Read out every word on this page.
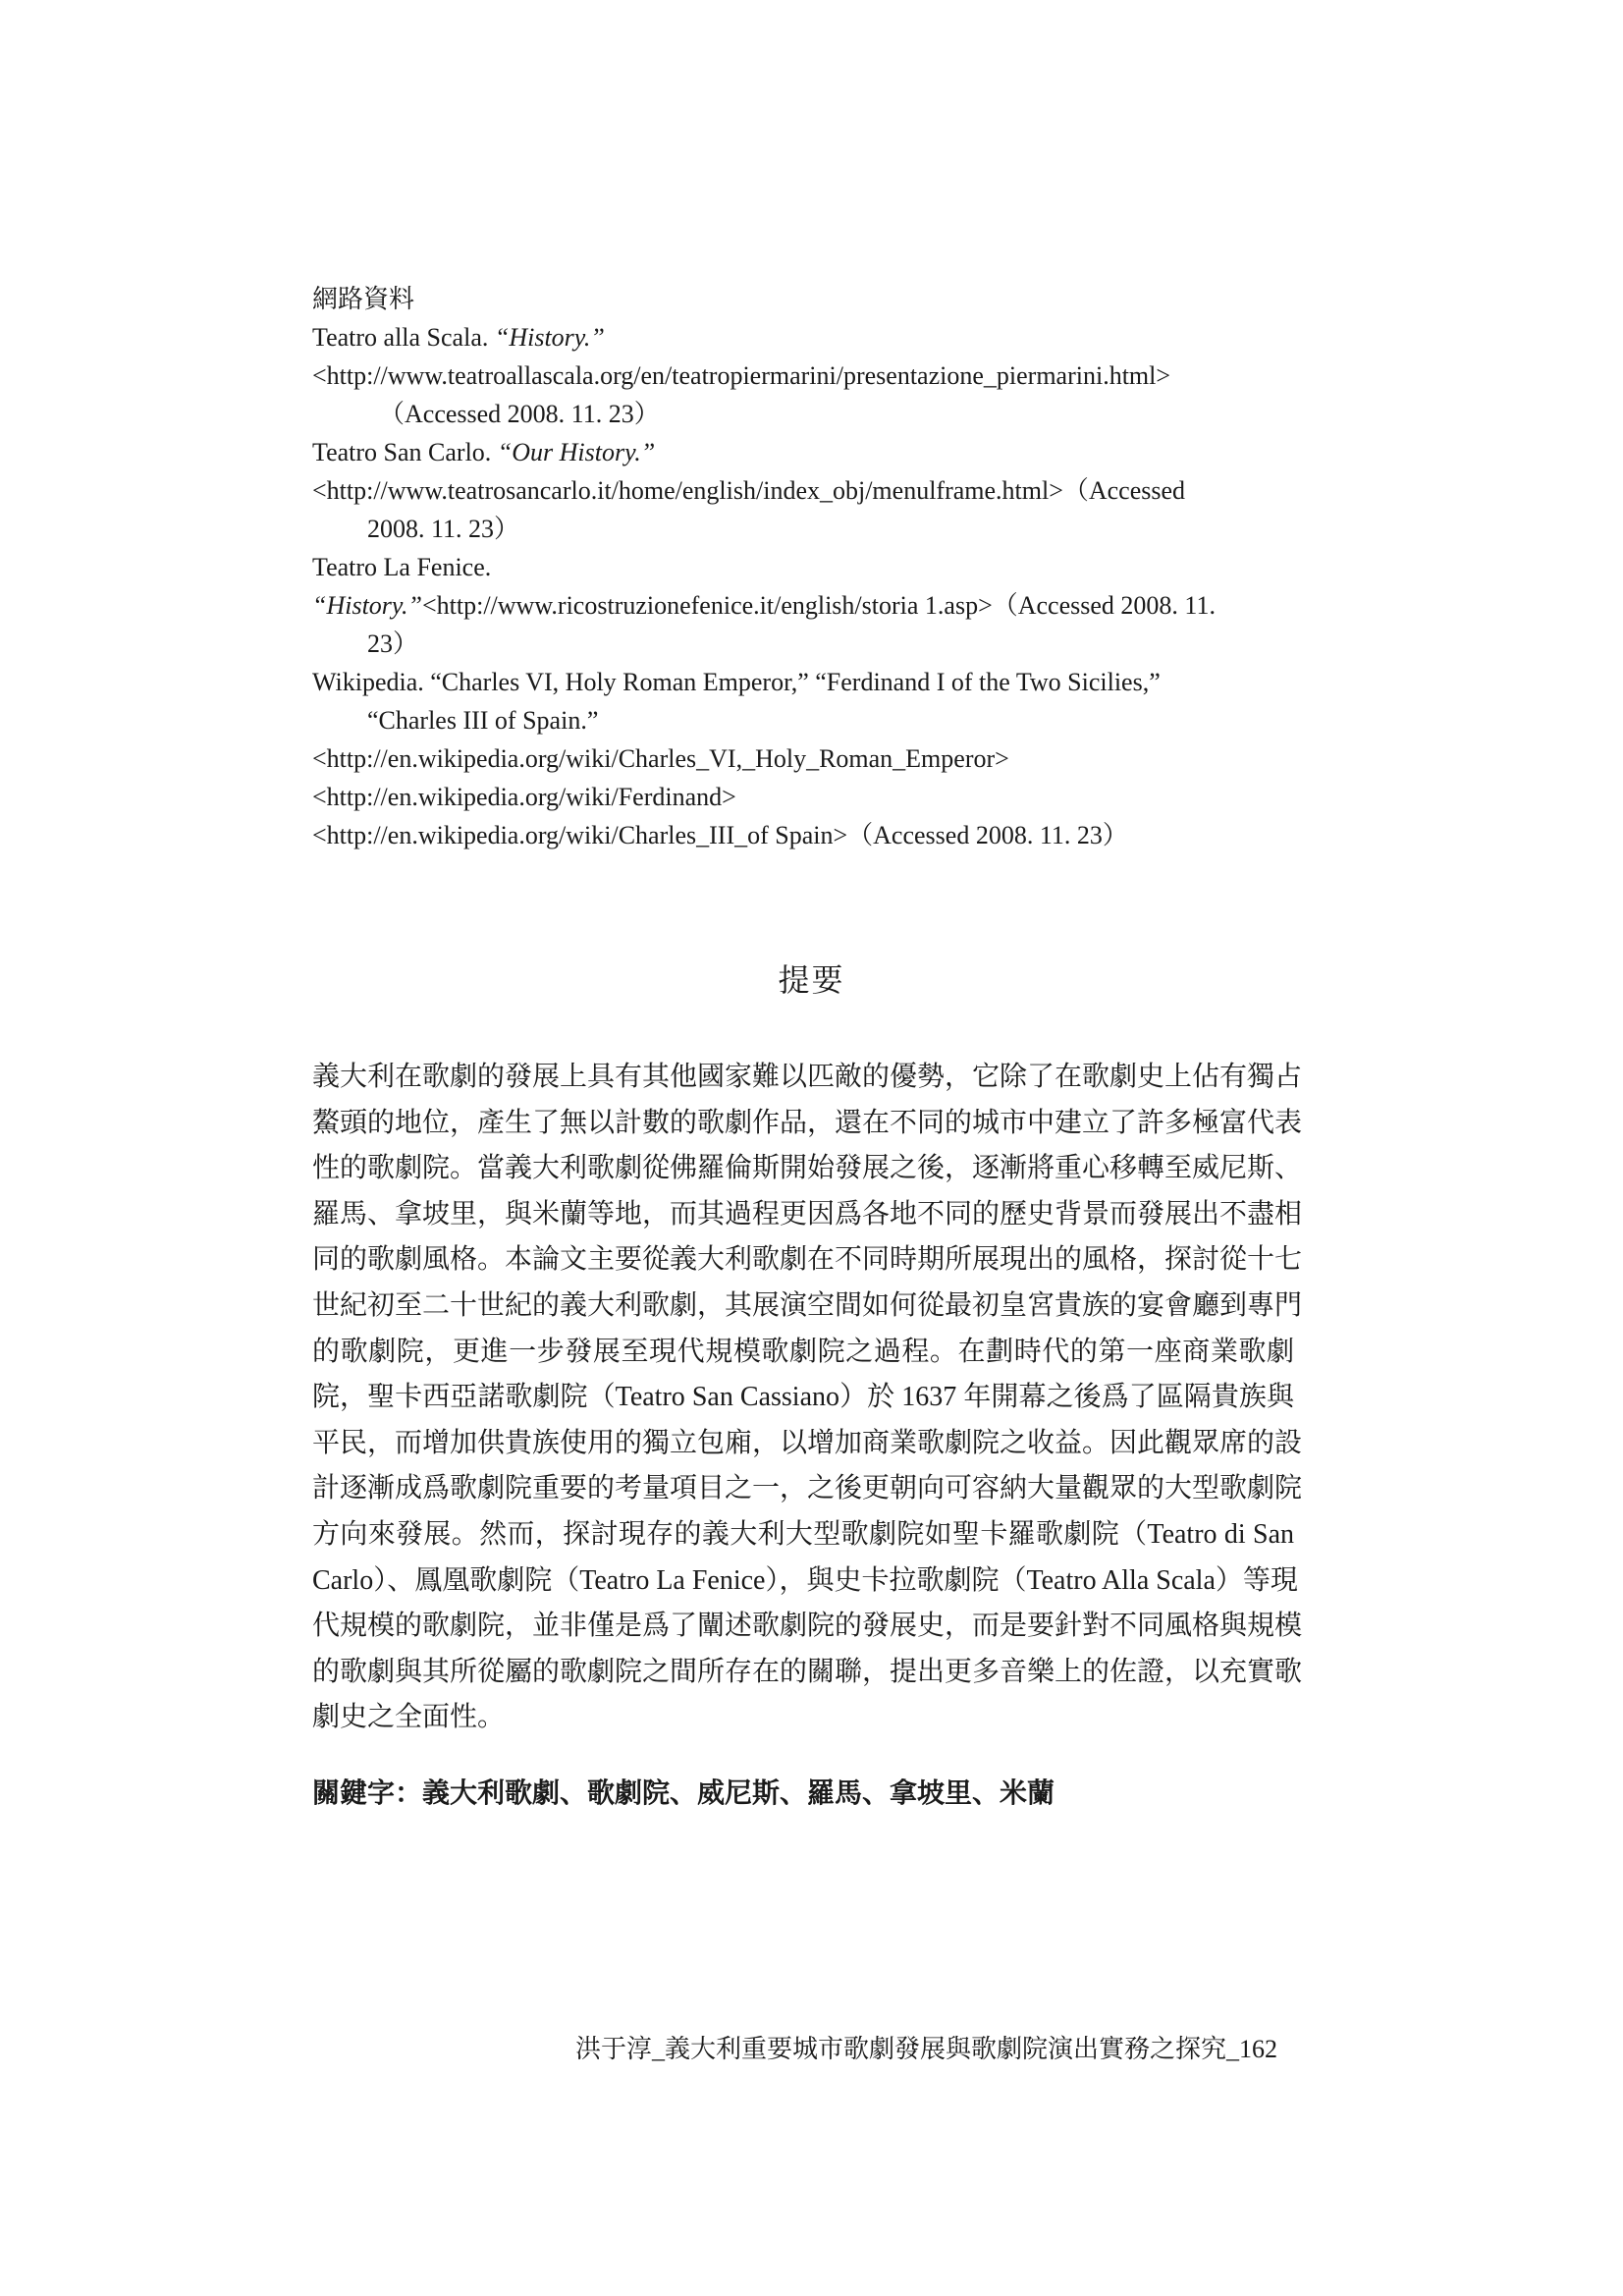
網路資料
Teatro alla Scala. “History.”
<http://www.teatroallascala.org/en/teatropiermarini/presentazione_piermarini.html>
（Accessed 2008. 11. 23）
Teatro San Carlo. “Our History.”
<http://www.teatrosancarlo.it/home/english/index_obj/menulframe.html>（Accessed
2008. 11. 23）
Teatro La Fenice.
“History.”<http://www.ricostruzionefenice.it/english/storia 1.asp>（Accessed 2008. 11.
23）
Wikipedia. “Charles VI, Holy Roman Emperor,” “Ferdinand I of the Two Sicilies,”
“Charles III of Spain.”
<http://en.wikipedia.org/wiki/Charles_VI,_Holy_Roman_Emperor>
<http://en.wikipedia.org/wiki/Ferdinand>
<http://en.wikipedia.org/wiki/Charles_III_of Spain>（Accessed 2008. 11. 23）
提要
義大利在歌劇的發展上具有其他國家難以匹敵的優勢，它除了在歌劇史上佔有獨占
鰲頭的地位，產生了無以計數的歌劇作品，還在不同的城市中建立了許多極富代表
性的歌劇院。當義大利歌劇從佛羅倫斯開始發展之後，逐漸將重心移轉至威尼斯、
羅馬、拿坡里，與米蘭等地，而其過程更因爲各地不同的歷史背景而發展出不盡相
同的歌劇風格。本論文主要從義大利歌劇在不同時期所展現出的風格，探討從十七
世紀初至二十世紀的義大利歌劇，其展演空間如何從最初皇宮貴族的宴會廳到專門
的歌劇院，更進一步發展至現代規模歌劇院之過程。在劃時代的第一座商業歌劇
院，聖卡西亞諾歌劇院（Teatro San Cassiano）於 1637 年開幕之後爲了區隔貴族與
平民，而增加供貴族使用的獨立包廂，以增加商業歌劇院之收益。因此觀眾席的設
計逐漸成爲歌劇院重要的考量項目之一，之後更朝向可容納大量觀眾的大型歌劇院
方向來發展。然而，探討現存的義大利大型歌劇院如聖卡羅歌劇院（Teatro di San
Carlo）、鳳凰歌劇院（Teatro La Fenice），與史卡拉歌劇院（Teatro Alla Scala）等現
代規模的歌劇院，並非僅是爲了闡述歌劇院的發展史，而是要針對不同風格與規模
的歌劇與其所從屬的歌劇院之間所存在的關聯，提出更多音樂上的佐證，以充實歌
劇史之全面性。
關鍵字：義大利歌劇、歌劇院、威尼斯、羅馬、拿坡里、米蘭
洪于淳_義大利重要城市歌劇發展與歌劇院演出實務之探究_162
